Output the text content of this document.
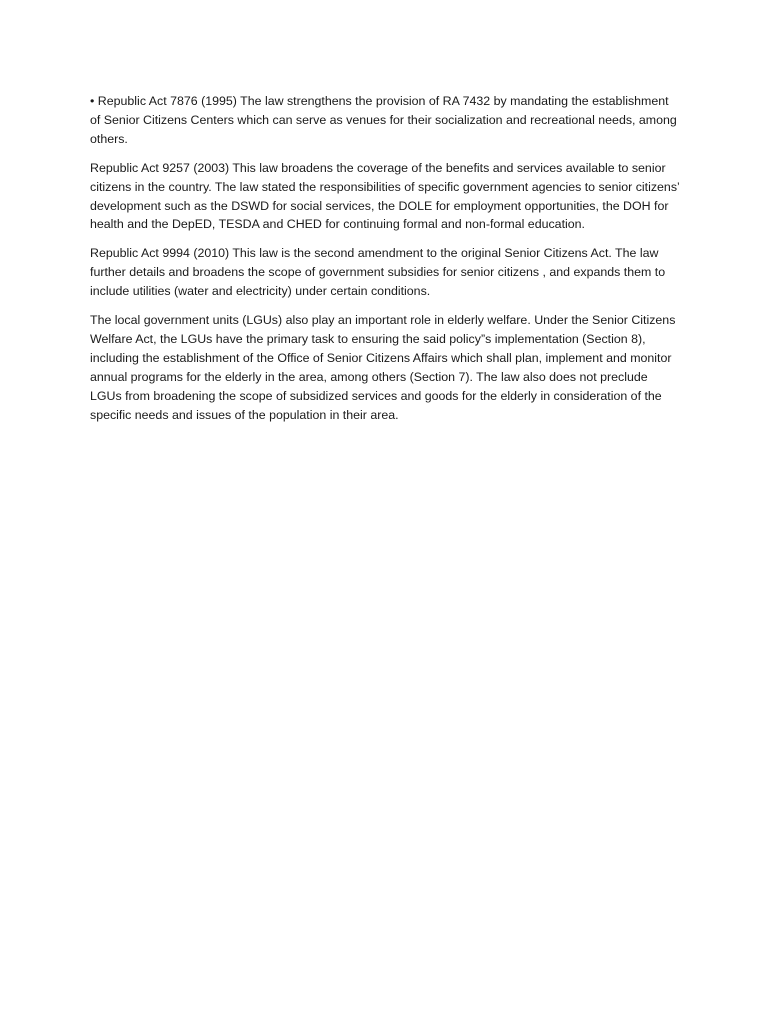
• Republic Act 7876 (1995) The law strengthens the provision of RA 7432 by mandating the establishment of Senior Citizens Centers which can serve as venues for their socialization and recreational needs, among others.

Republic Act 9257 (2003) This law broadens the coverage of the benefits and services available to senior citizens in the country. The law stated the responsibilities of specific government agencies to senior citizens’ development such as the DSWD for social services, the DOLE for employment opportunities, the DOH for health and the DepED, TESDA and CHED for continuing formal and non-formal education.

Republic Act 9994 (2010) This law is the second amendment to the original Senior Citizens Act. The law further details and broadens the scope of government subsidies for senior citizens , and expands them to include utilities (water and electricity) under certain conditions.

The local government units (LGUs) also play an important role in elderly welfare. Under the Senior Citizens Welfare Act, the LGUs have the primary task to ensuring the said policy”s implementation (Section 8), including the establishment of the Office of Senior Citizens Affairs which shall plan, implement and monitor annual programs for the elderly in the area, among others (Section 7). The law also does not preclude LGUs from broadening the scope of subsidized services and goods for the elderly in consideration of the specific needs and issues of the population in their area.
